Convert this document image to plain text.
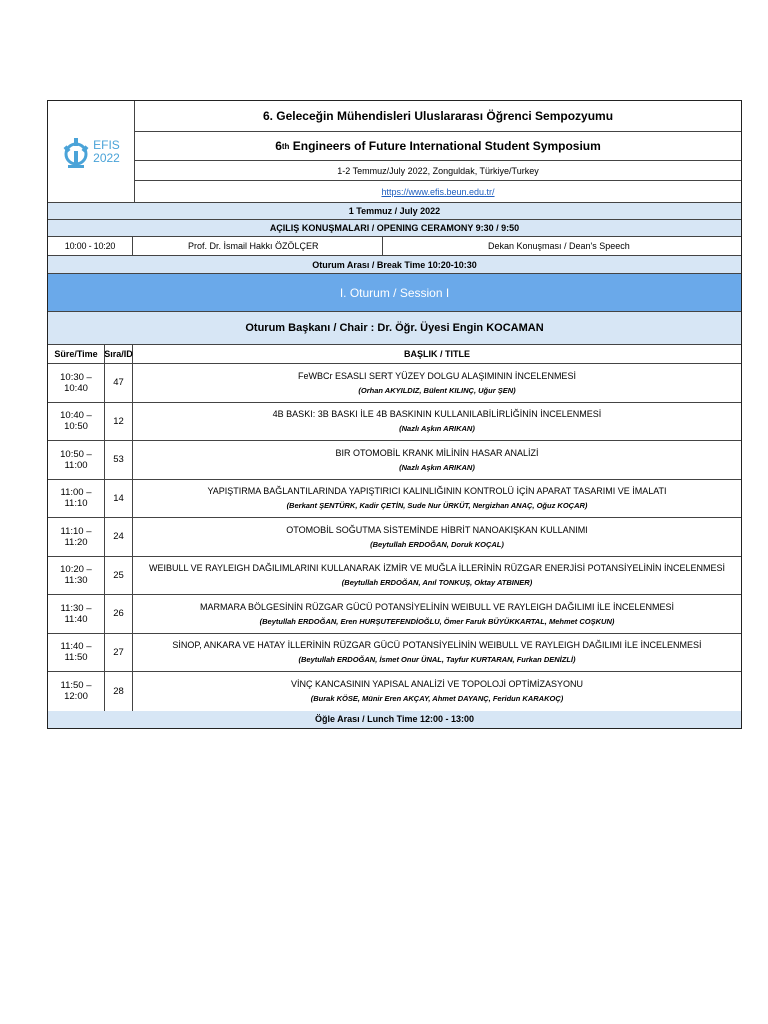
EFIS
2022
6. Geleceğin Mühendisleri Uluslararası Öğrenci Sempozyumu
6 th Engineers of Future International Student Symposium
1-2 Temmuz/July 2022, Zonguldak, Türkiye/Turkey
https://www.efis.beun.edu.tr/
1 Temmuz / July 2022
AÇILIŞ KONUŞMALARI / OPENING CERAMONY 9:30 / 9:50
10:00 - 10:20	Prof. Dr. İsmail Hakkı ÖZÖLÇER	Dekan Konuşması / Dean's Speech
Oturum Arası / Break Time 10:20-10:30
I. Oturum / Session I
Oturum Başkanı / Chair : Dr. Öğr. Üyesi Engin KOCAMAN
Süre/Time Sıra/ID	BAŞLIK / TITLE
10:30 – 10:40	47
FeWBCr ESASLI SERT YÜZEY DOLGU ALAŞIMININ İNCELENMESİ
(Orhan AKYILDIZ, Bülent KILINÇ, Uğur ŞEN)
10:40 – 10:50	12
4B BASKI: 3B BASKI İLE 4B BASKININ KULLANILABİLİRLİĞİNİN İNCELENMESİ
(Nazlı Aşkın ARIKAN)
10:50 – 11:00	53
BIR OTOMOBİL KRANK MİLİNİN HASAR ANALİZİ
(Nazlı Aşkın ARIKAN)
11:00 – 11:10	14
YAPIŞTIRMA BAĞLANTILARINDA YAPIŞTIRICI KALINLIĞININ KONTROLÜ İÇİN APARAT TASARIMI VE İMALATI
(Berkant ŞENTÜRK, Kadir ÇETİN, Sude Nur ÜRKÜT, Nergizhan ANAÇ, Oğuz KOÇAR)
11:10 – 11:20	24
OTOMOBİL SOĞUTMA SİSTEMİNDE HİBRİT NANOAKIŞKAN KULLANIMI
(Beytullah ERDOĞAN, Doruk KOÇAL)
10:20 – 11:30	25
WEIBULL VE RAYLEIGH DAĞILIMLARINI KULLANARAK İZMİR VE MUĞLA İLLERİNİN RÜZGAR ENERJİSİ POTANSİYELİNİN İNCELENMESİ
(Beytullah ERDOĞAN, Anıl TONKUŞ, Oktay ATBINER)
11:30 – 11:40	26
MARMARA BÖLGESİNİN RÜZGAR GÜCÜ POTANSİYELİNİN WEIBULL VE RAYLEIGH DAĞILIMI İLE İNCELENMESİ
(Beytullah ERDOĞAN, Eren HURŞUTEFENDİOĞLU, Ömer Faruk BÜYÜKKARTAL, Mehmet COŞKUN)
11:40 – 11:50	27
SİNOP, ANKARA VE HATAY İLLERİNİN RÜZGAR GÜCÜ POTANSİYELİNİN WEIBULL VE RAYLEIGH DAĞILIMI İLE İNCELENMESİ
(Beytullah ERDOĞAN, İsmet Onur ÜNAL, Tayfur KURTARAN, Furkan DENİZLİ)
11:50 – 12:00	28
VİNÇ KANCASININ YAPISAL ANALİZİ VE TOPOLOJİ OPTİMİZASYONU
(Burak KÖSE, Münir Eren AKÇAY, Ahmet DAYANÇ, Feridun KARAKOÇ)
Öğle Arası / Lunch Time 12:00 - 13:00
